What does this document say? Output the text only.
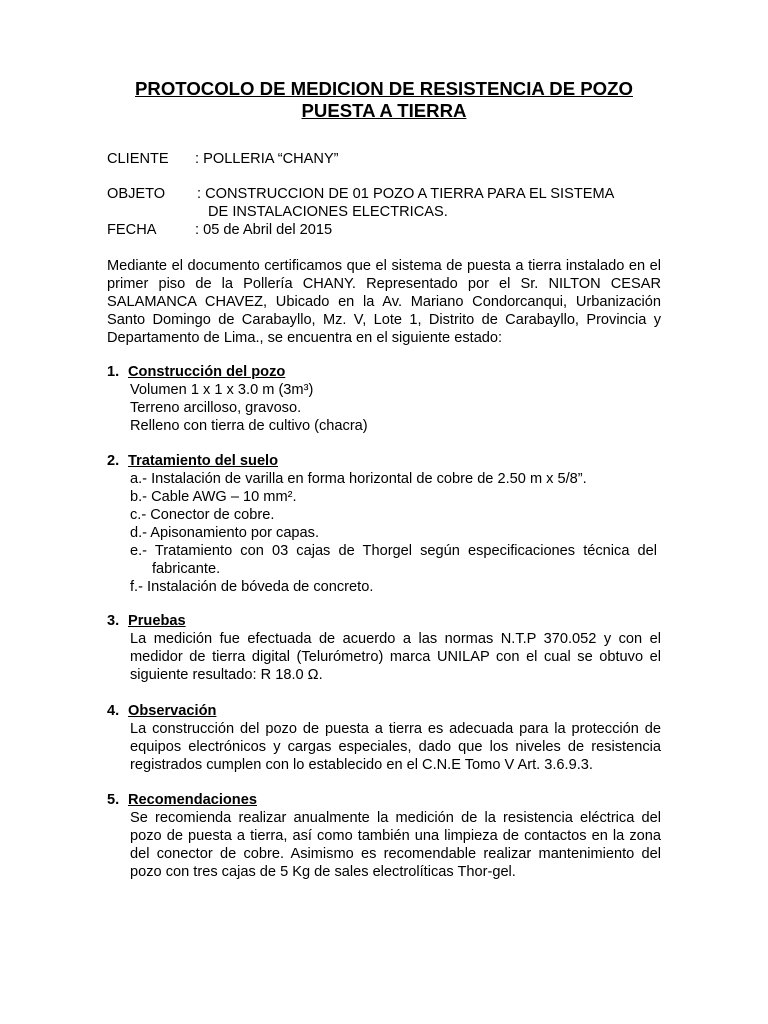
PROTOCOLO DE MEDICION DE RESISTENCIA DE POZO
PUESTA A TIERRA
CLIENTE : POLLERIA “CHANY”
OBJETO : CONSTRUCCION DE 01 POZO A TIERRA PARA EL SISTEMA
DE INSTALACIONES ELECTRICAS.
FECHA	: 05 de Abril del 2015
Mediante el documento certificamos que el sistema de puesta a tierra instalado en el primer piso de la Pollería CHANY. Representado por el Sr. NILTON CESAR SALAMANCA CHAVEZ, Ubicado en la Av. Mariano Condorcanqui, Urbanización Santo Domingo de Carabayllo, Mz. V, Lote 1, Distrito de Carabayllo, Provincia y Departamento de Lima., se encuentra en el siguiente estado:
1. Construcción del pozo
Volumen 1 x 1 x 3.0 m (3m³)
Terreno arcilloso, gravoso.
Relleno con tierra de cultivo (chacra)
2. Tratamiento del suelo
a.- Instalación de varilla en forma horizontal de cobre de 2.50 m x 5/8”.
b.- Cable AWG – 10 mm².
c.- Conector de cobre.
d.- Apisonamiento por capas.
e.-  Tratamiento  con  03  cajas  de  Thorgel  según  especificaciones  técnica  del
fabricante.
f.- Instalación de bóveda de concreto.
3. Pruebas
La medición fue efectuada de acuerdo a las normas N.T.P 370.052 y con el medidor de tierra digital (Telurómetro) marca UNILAP con el cual se obtuvo el siguiente resultado: R 18.0 Ω.
4. Observación
La construcción del pozo de puesta a tierra es adecuada para la protección de equipos electrónicos y cargas especiales, dado que los niveles de resistencia registrados cumplen con lo establecido en el C.N.E Tomo V Art. 3.6.9.3.
5. Recomendaciones
Se recomienda realizar anualmente la medición de la resistencia eléctrica del pozo de puesta a tierra, así como también una limpieza de contactos en la zona del conector de cobre. Asimismo es recomendable realizar mantenimiento del pozo con tres cajas de 5 Kg de sales electrolíticas Thor-gel.
